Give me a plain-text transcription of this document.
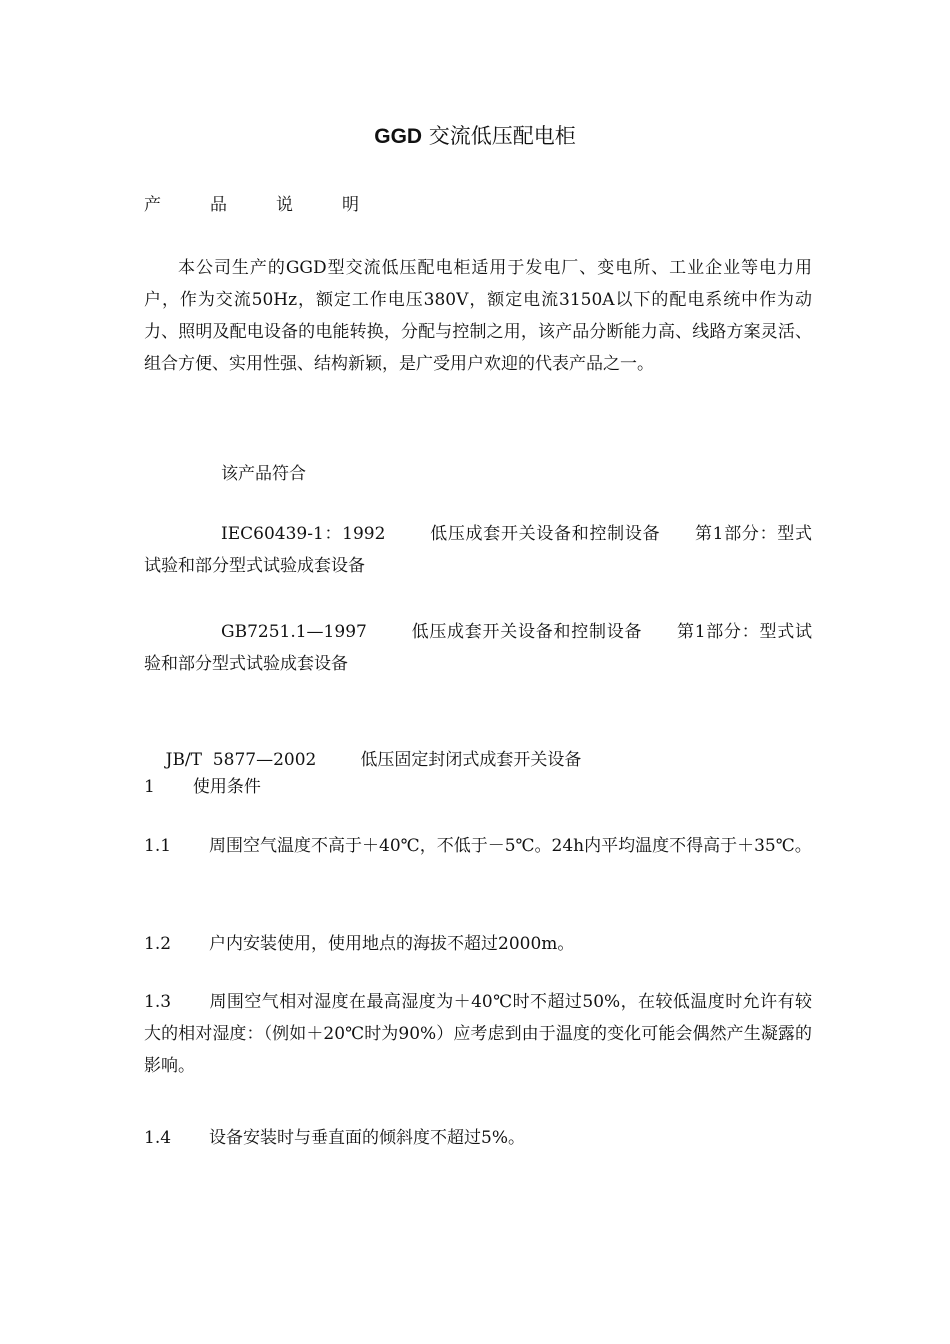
GGD 交流低压配电柜
产	品	说	明
本公司生产的GGD型交流低压配电柜适用于发电厂、变电所、工业企业等电力用户，作为交流50Hz，额定工作电压380V，额定电流3150A以下的配电系统中作为动力、照明及配电设备的电能转换，分配与控制之用，该产品分断能力高、线路方案灵活、组合方便、实用性强、结构新颖，是广受用户欢迎的代表产品之一。
该产品符合
IEC60439-1：1992	低压成套开关设备和控制设备 第1部分：型式试验和部分型式试验成套设备
GB7251.1—1997	低压成套开关设备和控制设备 第1部分：型式试验和部分型式试验成套设备

JB/T  5877—2002	低压固定封闭式成套开关设备

1 使用条件
1.1 周围空气温度不高于＋40℃，不低于－5℃。24h内平均温度不得高于＋35℃。
1.2 户内安装使用，使用地点的海拔不超过2000m。
1.3 周围空气相对湿度在最高湿度为＋40℃时不超过50%，在较低温度时允许有较大的相对湿度：（例如＋20℃时为90%）应考虑到由于温度的变化可能会偶然产生凝露的影响。
1.4 设备安装时与垂直面的倾斜度不超过5%。
